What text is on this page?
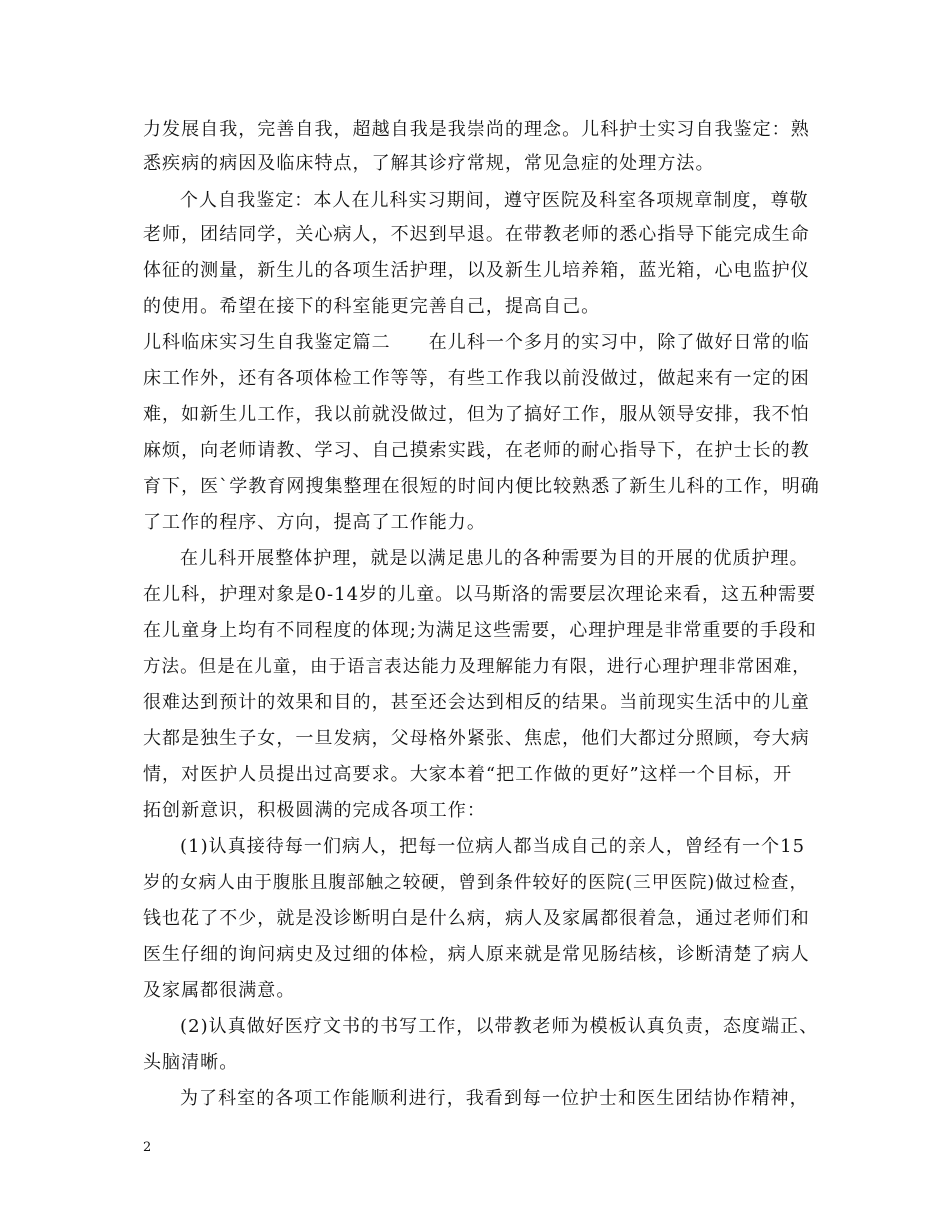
力发展自我，完善自我，超越自我是我崇尚的理念。儿科护士实习自我鉴定：熟
悉疾病的病因及临床特点，了解其诊疗常规，常见急症的处理方法。
个人自我鉴定：本人在儿科实习期间，遵守医院及科室各项规章制度，尊敬
老师，团结同学，关心病人，不迟到早退。在带教老师的悉心指导下能完成生命
体征的测量，新生儿的各项生活护理，以及新生儿培养箱，蓝光箱，心电监护仪
的使用。希望在接下的科室能更完善自己，提高自己。
儿科临床实习生自我鉴定篇二　　在儿科一个多月的实习中，除了做好日常的临
床工作外，还有各项体检工作等等，有些工作我以前没做过，做起来有一定的困
难，如新生儿工作，我以前就没做过，但为了搞好工作，服从领导安排，我不怕
麻烦，向老师请教、学习、自己摸索实践，在老师的耐心指导下，在护士长的教
育下，医`学教育网搜集整理在很短的时间内便比较熟悉了新生儿科的工作，明确
了工作的程序、方向，提高了工作能力。
在儿科开展整体护理，就是以满足患儿的各种需要为目的开展的优质护理。
在儿科，护理对象是0-14岁的儿童。以马斯洛的需要层次理论来看，这五种需要
在儿童身上均有不同程度的体现;为满足这些需要，心理护理是非常重要的手段和
方法。但是在儿童，由于语言表达能力及理解能力有限，进行心理护理非常困难，
很难达到预计的效果和目的，甚至还会达到相反的结果。当前现实生活中的儿童
大都是独生子女，一旦发病，父母格外紧张、焦虑，他们大都过分照顾，夸大病
情，对医护人员提出过高要求。大家本着“把工作做的更好”这样一个目标，开
拓创新意识，积极圆满的完成各项工作：
(1)认真接待每一们病人，把每一位病人都当成自己的亲人，曾经有一个15
岁的女病人由于腹胀且腹部触之较硬，曾到条件较好的医院(三甲医院)做过检查，
钱也花了不少，就是没诊断明白是什么病，病人及家属都很着急，通过老师们和
医生仔细的询问病史及过细的体检，病人原来就是常见肠结核，诊断清楚了病人
及家属都很满意。
(2)认真做好医疗文书的书写工作，以带教老师为模板认真负责，态度端正、
头脑清晰。
为了科室的各项工作能顺利进行，我看到每一位护士和医生团结协作精神，
2
